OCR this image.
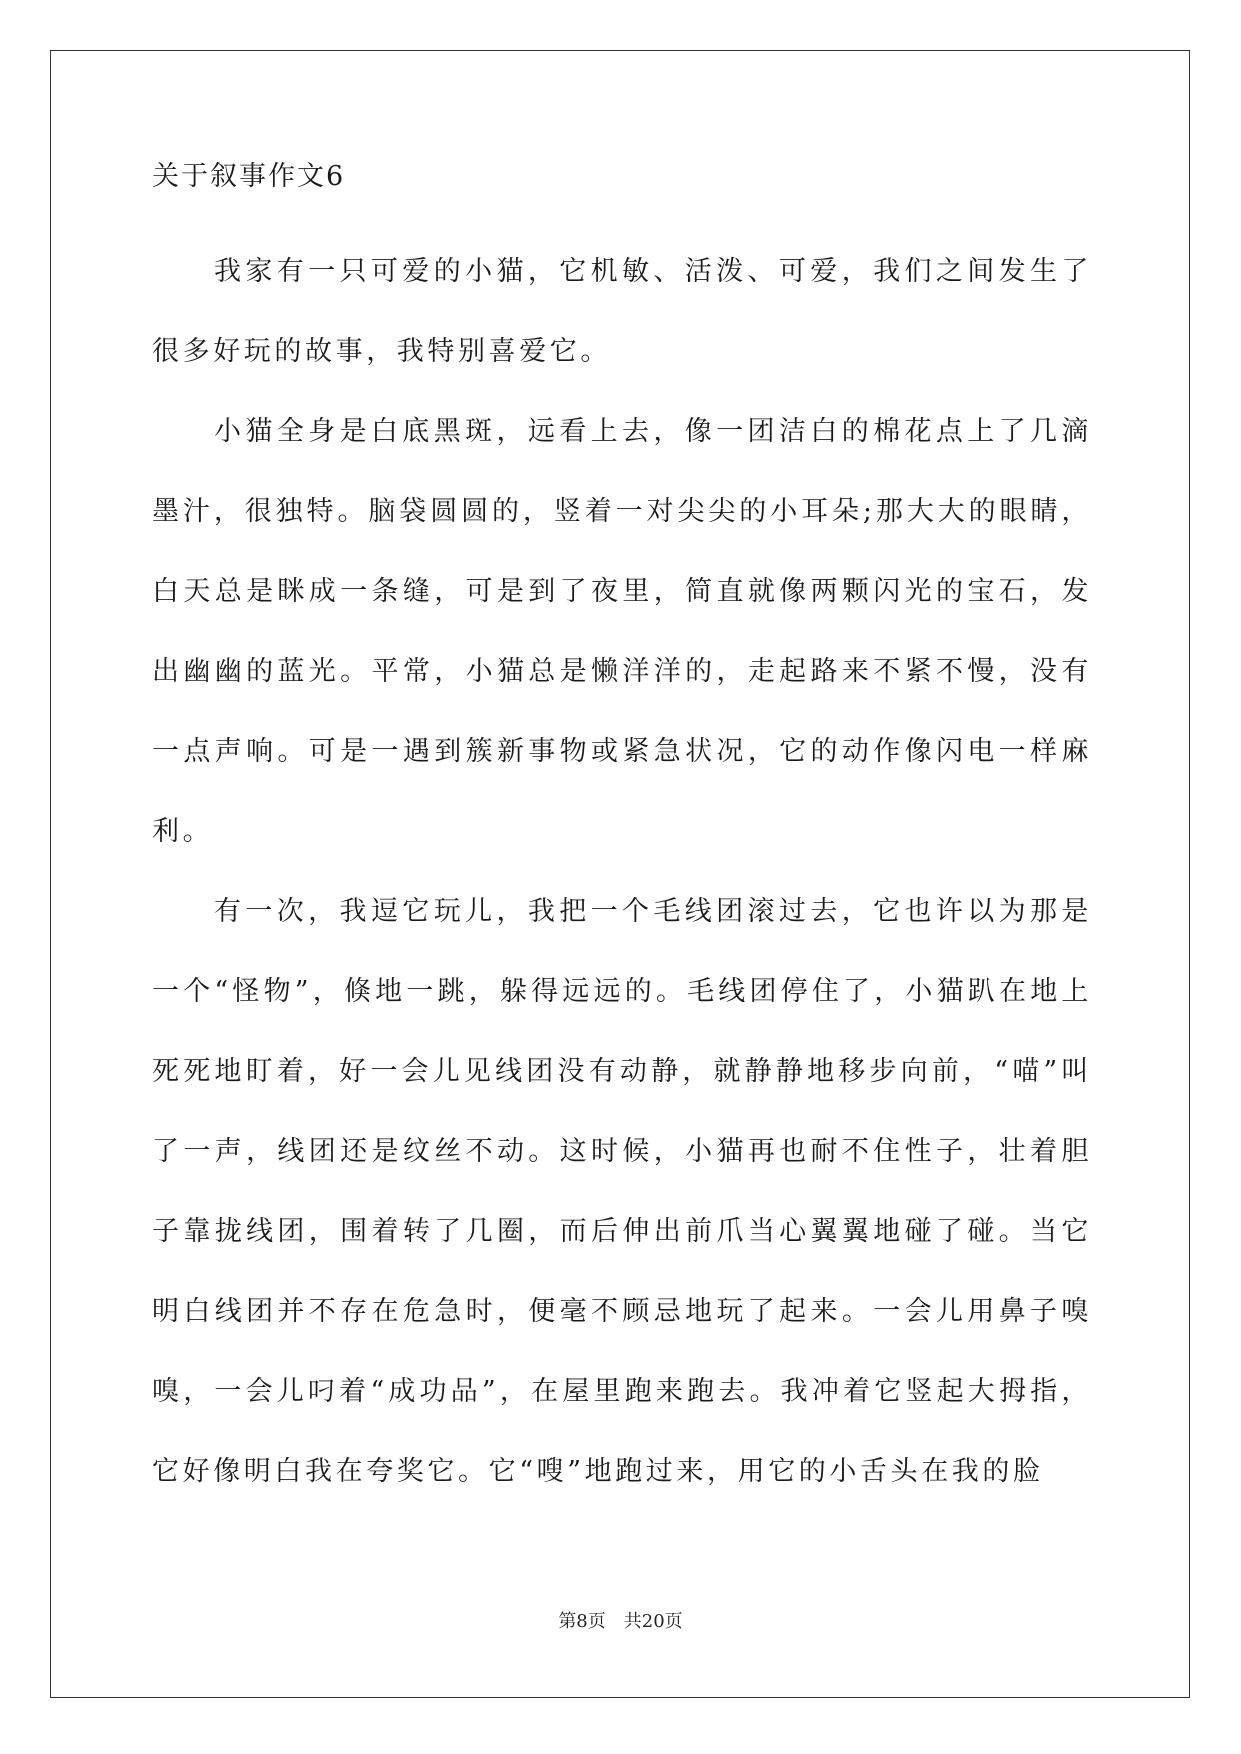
关于叙事作文6

我家有一只可爱的小猫，它机敏、活泼、可爱，我们之间发生了很多好玩的故事，我特别喜爱它。

小猫全身是白底黑斑，远看上去，像一团洁白的棉花点上了几滴墨汁，很独特。脑袋圆圆的，竖着一对尖尖的小耳朵;那大大的眼睛，白天总是眯成一条缝，可是到了夜里，简直就像两颗闪光的宝石，发出幽幽的蓝光。平常，小猫总是懒洋洋的，走起路来不紧不慢，没有一点声响。可是一遇到簇新事物或紧急状况，它的动作像闪电一样麻利。

有一次，我逗它玩儿，我把一个毛线团滚过去，它也许以为那是一个“怪物”，倏地一跳，躲得远远的。毛线团停住了，小猫趴在地上死死地盯着，好一会儿见线团没有动静，就静静地移步向前，“喵”叫了一声，线团还是纹丝不动。这时候，小猫再也耐不住性子，壮着胆子靠拢线团，围着转了几圈，而后伸出前爪当心翼翼地碰了碰。当它明白线团并不存在危急时，便毫不顾忌地玩了起来。一会儿用鼻子嗅嗅，一会儿叼着“成功品”，在屋里跑来跑去。我冲着它竖起大拇指，它好像明白我在夸奖它。它“嗖”地跑过来，用它的小舌头在我的脸

第8页 共20页
